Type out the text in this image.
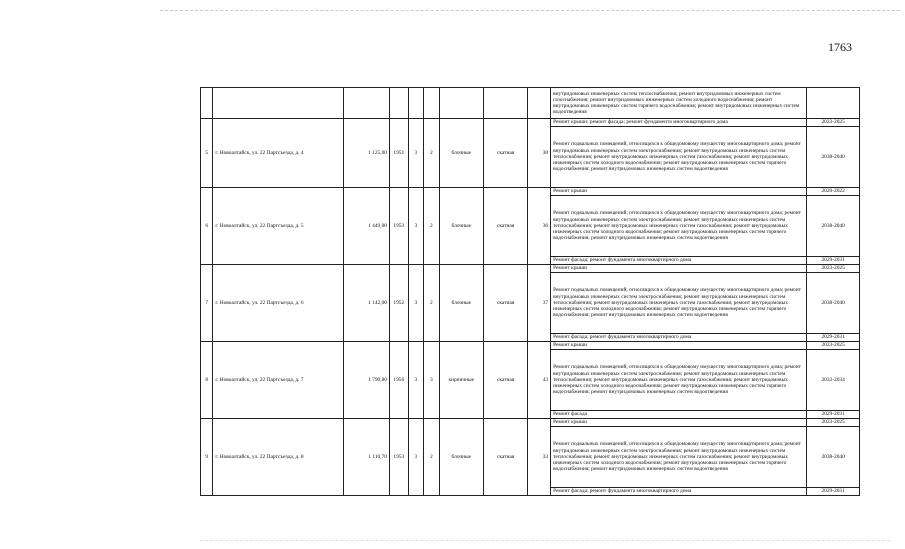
1763
									внутридомовых инженерных систем теплоснабжения; ремонт внутридомовых инженерных систем газоснабжения; ремонт внутридомовых инженерных систем холодного водоснабжения; ремонт внутридомовых инженерных систем горячего водоснабжения; ремонт внутридомовых инженерных систем водоотведения	
5	г. Новоалтайск, ул. 22 Партсъезда, д. 4	1 125,00	1951	3	2	блочные	скатная	30	Ремонт крыши; ремонт фасада; ремонт фундамента многоквартирного дома	2023-2025
									Ремонт подвальных помещений, относящихся к общедомовому имуществу многоквартирного дома; ремонт внутридомовых инженерных систем электроснабжения; ремонт внутридомовых инженерных систем теплоснабжения; ремонт внутридомовых инженерных систем газоснабжения; ремонт внутридомовых инженерных систем холодного водоснабжения; ремонт внутридомовых инженерных систем горячего водоснабжения; ремонт внутридомовых инженерных систем водоотведения	2038-2040
6	г. Новоалтайск, ул. 22 Партсъезда, д. 5	1 449,00	1953	3	2	блочные	скатная	36	Ремонт крыши	2020-2022
									Ремонт подвальных помещений, относящихся к общедомовому имуществу многоквартирного дома; ремонт внутридомовых инженерных систем электроснабжения; ремонт внутридомовых инженерных систем теплоснабжения; ремонт внутридомовых инженерных систем газоснабжения; ремонт внутридомовых инженерных систем холодного водоснабжения; ремонт внутридомовых инженерных систем горячего водоснабжения; ремонт внутридомовых инженерных систем водоотведения	2038-2040
									Ремонт фасада; ремонт фундамента многоквартирного дома	2029-2031
7	г. Новоалтайск, ул. 22 Партсъезда, д. 6	1 142,00	1952	3	2	блочные	скатная	37	Ремонт крыши	2023-2025
									Ремонт подвальных помещений, относящихся к общедомовому имуществу многоквартирного дома; ремонт внутридомовых инженерных систем электроснабжения; ремонт внутридомовых инженерных систем теплоснабжения; ремонт внутридомовых инженерных систем газоснабжения; ремонт внутридомовых инженерных систем холодного водоснабжения; ремонт внутридомовых инженерных систем горячего водоснабжения; ремонт внутридомовых инженерных систем водоотведения	2038-2040
									Ремонт фасада; ремонт фундамента многоквартирного дома	2029-2031
8	г. Новоалтайск, ул. 22 Партсъезда, д. 7	1 790,80	1956	3	3	кирпичные	скатная	43	Ремонт крыши	2023-2025
									Ремонт подвальных помещений, относящихся к общедомовому имуществу многоквартирного дома; ремонт внутридомовых инженерных систем электроснабжения; ремонт внутридомовых инженерных систем теплоснабжения; ремонт внутридомовых инженерных систем газоснабжения; ремонт внутридомовых инженерных систем холодного водоснабжения; ремонт внутридомовых инженерных систем горячего водоснабжения; ремонт внутридомовых инженерных систем водоотведения	2032-2034
									Ремонт фасада	2029-2031
9	г. Новоалтайск, ул. 22 Партсъезда, д. 8	1 110,70	1953	3	2	блочные	скатная	33	Ремонт крыши	2023-2025
									Ремонт подвальных помещений, относящихся к общедомовому имуществу многоквартирного дома; ремонт внутридомовых инженерных систем электроснабжения; ремонт внутридомовых инженерных систем теплоснабжения; ремонт внутридомовых инженерных систем газоснабжения; ремонт внутридомовых инженерных систем холодного водоснабжения; ремонт внутридомовых инженерных систем горячего водоснабжения; ремонт внутридомовых инженерных систем водоотведения	2038-2040
									Ремонт фасада; ремонт фундамента многоквартирного дома	2029-2031
